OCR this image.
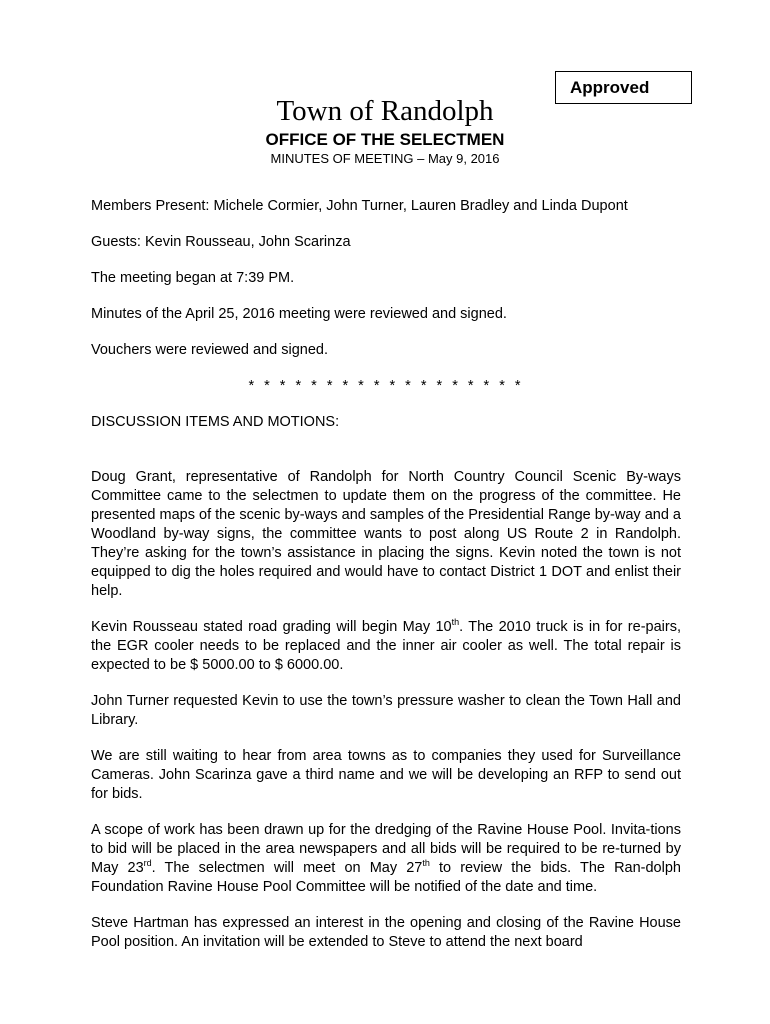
Approved
Town of Randolph
OFFICE OF THE SELECTMEN
MINUTES OF MEETING – May 9, 2016

Members Present: Michele Cormier, John Turner, Lauren Bradley and Linda Dupont

Guests: Kevin Rousseau, John Scarinza

The meeting began at 7:39 PM.

Minutes of the April 25, 2016 meeting were reviewed and signed.

Vouchers were reviewed and signed.

* * * * * * * * * * * * * * * * * *

DISCUSSION ITEMS AND MOTIONS:

Doug Grant, representative of Randolph for North Country Council Scenic By-ways Committee came to the selectmen to update them on the progress of the committee. He presented maps of the scenic by-ways and samples of the Presidential Range by-way and a Woodland by-way signs, the committee wants to post along US Route 2 in Randolph. They’re asking for the town’s assistance in placing the signs. Kevin noted the town is not equipped to dig the holes required and would have to contact District 1 DOT and enlist their help.

Kevin Rousseau stated road grading will begin May 10th. The 2010 truck is in for re-pairs, the EGR cooler needs to be replaced and the inner air cooler as well. The total repair is expected to be $ 5000.00 to $ 6000.00.

John Turner requested Kevin to use the town’s pressure washer to clean the Town Hall and Library.

We are still waiting to hear from area towns as to companies they used for Surveillance Cameras. John Scarinza gave a third name and we will be developing an RFP to send out for bids.

A scope of work has been drawn up for the dredging of the Ravine House Pool. Invita-tions to bid will be placed in the area newspapers and all bids will be required to be re-turned by May 23rd. The selectmen will meet on May 27th to review the bids. The Ran-dolph Foundation Ravine House Pool Committee will be notified of the date and time.

Steve Hartman has expressed an interest in the opening and closing of the Ravine House Pool position. An invitation will be extended to Steve to attend the next board
